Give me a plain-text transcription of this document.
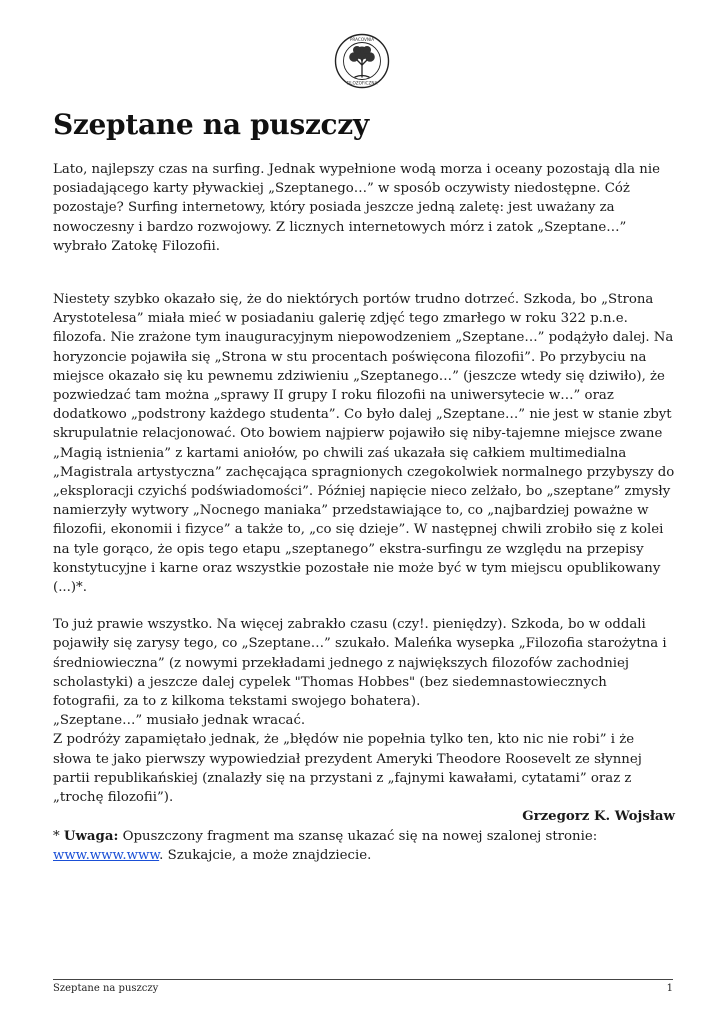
PRACOVNIA
FILOZOFICZNA
Szeptane na puszczy

Lato, najlepszy czas na surfing. Jednak wypełnione wodą morza i oceany pozostają dla nie posiadającego karty pływackiej „Szeptanego…” w sposób oczywisty niedostępne. Cóż pozostaje? Surfing internetowy, który posiada jeszcze jedną zaletę: jest uważany za nowoczesny i bardzo rozwojowy. Z licznych internetowych mórz i zatok „Szeptane…” wybrało Zatokę Filozofii.

Niestety szybko okazało się, że do niektórych portów trudno dotrzeć. Szkoda, bo „Strona Arystotelesa” miała mieć w posiadaniu galerię zdjęć tego zmarłego w roku 322 p.n.e. filozofa. Nie zrażone tym inauguracyjnym niepowodzeniem „Szeptane…” podążyło dalej. Na horyzoncie pojawiła się „Strona w stu procentach poświęcona filozofii”. Po przybyciu na miejsce okazało się ku pewnemu zdziwieniu „Szeptanego…” (jeszcze wtedy się dziwiło), że pozwiedzać tam można „sprawy II grupy I roku filozofii na uniwersytecie w…” oraz dodatkowo „podstrony każdego studenta”. Co było dalej „Szeptane…” nie jest w stanie zbyt skrupulatnie relacjonować. Oto bowiem najpierw pojawiło się niby-tajemne miejsce zwane „Magią istnienia” z kartami aniołów, po chwili zaś ukazała się całkiem multimedialna „Magistrala artystyczna” zachęcająca spragnionych czegokolwiek normalnego przybyszy do „eksploracji czyichś podświadomości”. Później napięcie nieco zelżało, bo „szeptane” zmysły namierzyły wytwory „Nocnego maniaka” przedstawiające to, co „najbardziej poważne w filozofii, ekonomii i fizyce” a także to, „co się dzieje”. W następnej chwili zrobiło się z kolei na tyle gorąco, że opis tego etapu „szeptanego” ekstra-surfingu ze względu na przepisy konstytucyjne i karne oraz wszystkie pozostałe nie może być w tym miejscu opublikowany (...)*.

To już prawie wszystko. Na więcej zabrakło czasu (czy!. pieniędzy). Szkoda, bo w oddali pojawiły się zarysy tego, co „Szeptane…” szukało. Maleńka wysepka „Filozofia starożytna i średniowieczna” (z nowymi przekładami jednego z największych filozofów zachodniej scholastyki) a jeszcze dalej cypelek "Thomas Hobbes" (bez siedemnastowiecznych fotografii, za to z kilkoma tekstami swojego bohatera).

„Szeptane…” musiało jednak wracać.

Z podróży zapamiętało jednak, że „błędów nie popełnia tylko ten, kto nic nie robi” i że słowa te jako pierwszy wypowiedział prezydent Ameryki Theodore Roosevelt ze słynnej partii republikańskiej (znalazły się na przystani z „fajnymi kawałami, cytatami” oraz z „trochę filozofii”).

Grzegorz K. Wojsław

* Uwaga: Opuszczony fragment ma szansę ukazać się na nowej szalonej stronie: www.www.www. Szukajcie, a może znajdziecie.

Szeptane na puszczy	1
